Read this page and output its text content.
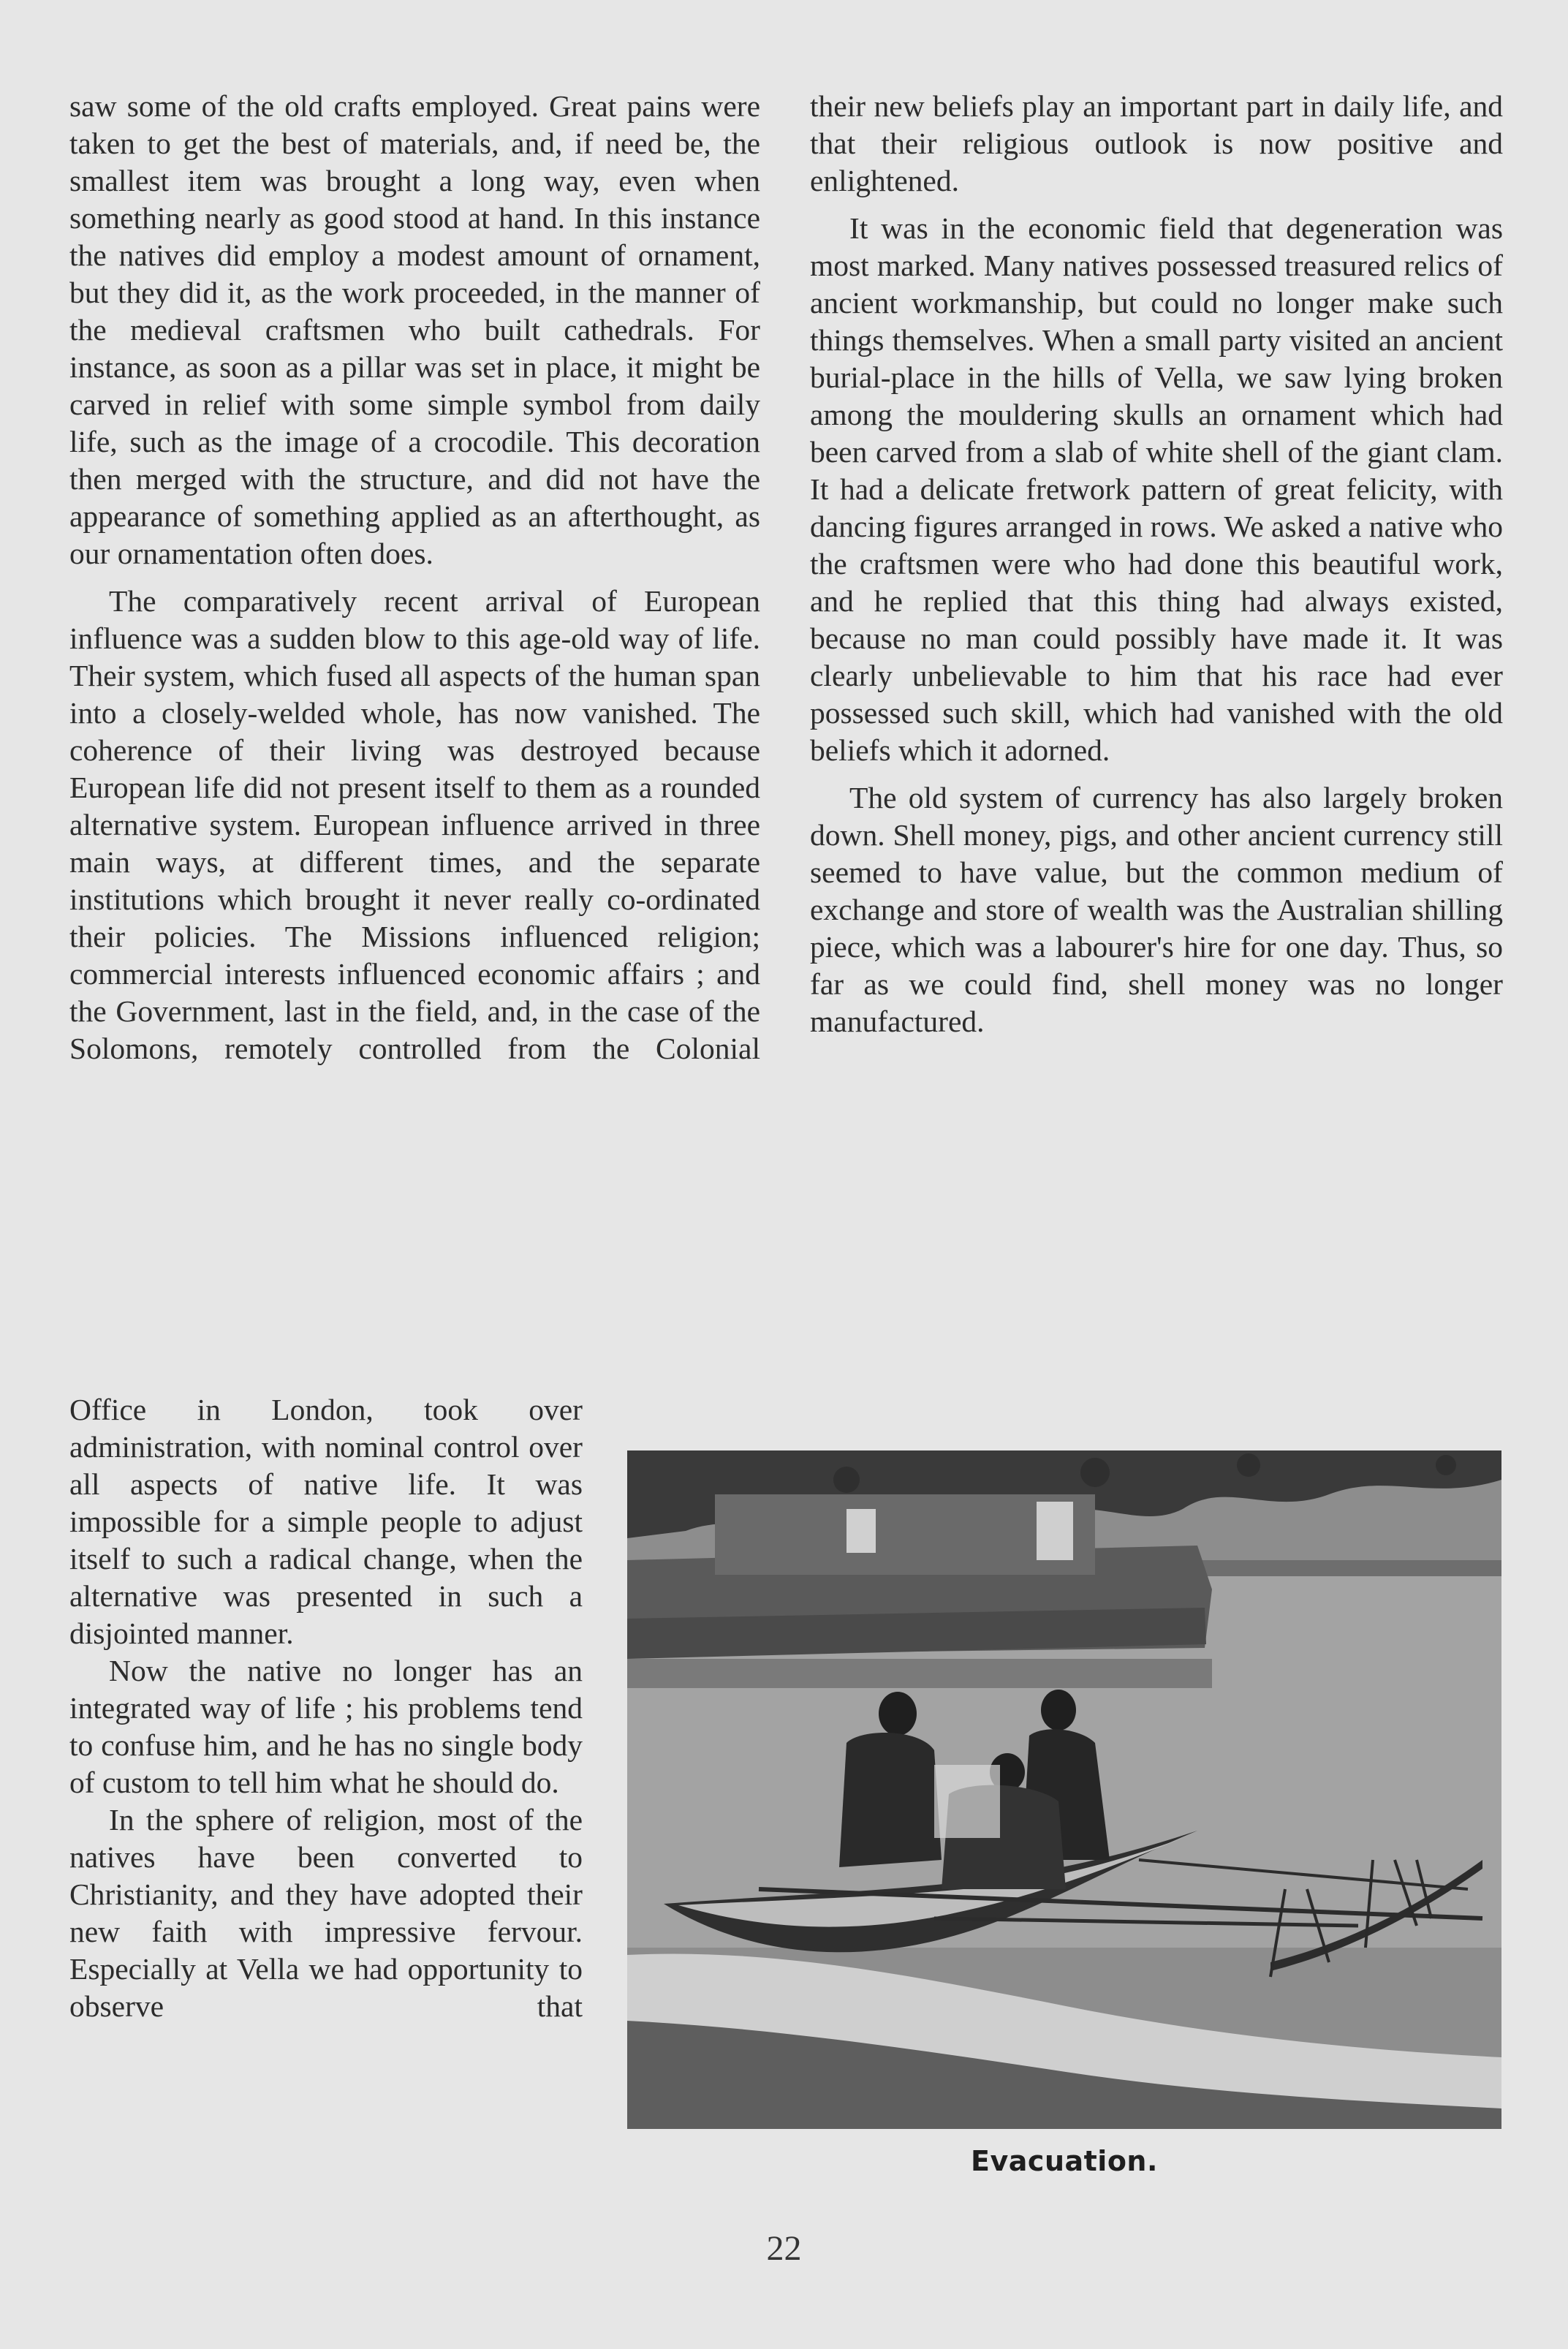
saw some of the old crafts employed. Great pains were taken to get the best of materials, and, if need be, the smallest item was brought a long way, even when something nearly as good stood at hand. In this instance the natives did employ a modest amount of ornament, but they did it, as the work proceeded, in the manner of the medieval craftsmen who built cathedrals. For instance, as soon as a pillar was set in place, it might be carved in relief with some simple symbol from daily life, such as the image of a crocodile. This decoration then merged with the structure, and did not have the appearance of something applied as an afterthought, as our ornamentation often does.

The comparatively recent arrival of European influence was a sudden blow to this age-old way of life. Their system, which fused all aspects of the human span into a closely-welded whole, has now vanished. The coherence of their living was destroyed because European life did not present itself to them as a rounded alternative system. European influence arrived in three main ways, at different times, and the separate institutions which brought it never really co-ordinated their policies. The Missions influenced religion; commercial interests influenced economic affairs ; and the Government, last in the field, and, in the case of the Solomons, remotely controlled from the Colonial

Office in London, took over administration, with nominal control over all aspects of native life. It was impossible for a simple people to adjust itself to such a radical change, when the alternative was presented in such a disjointed manner.

Now the native no longer has an integrated way of life ; his problems tend to confuse him, and he has no single body of custom to tell him what he should do.

In the sphere of religion, most of the natives have been converted to Christianity, and they have adopted their new faith with impressive fervour. Especially at Vella we had opportunity to observe that

their new beliefs play an important part in daily life, and that their religious outlook is now positive and enlightened.

It was in the economic field that degeneration was most marked. Many natives possessed treasured relics of ancient workmanship, but could no longer make such things themselves. When a small party visited an ancient burial-place in the hills of Vella, we saw lying broken among the mouldering skulls an ornament which had been carved from a slab of white shell of the giant clam. It had a delicate fretwork pattern of great felicity, with dancing figures arranged in rows. We asked a native who the craftsmen were who had done this beautiful work, and he replied that this thing had always existed, because no man could possibly have made it. It was clearly unbelievable to him that his race had ever possessed such skill, which had vanished with the old beliefs which it adorned.

The old system of currency has also largely broken down. Shell money, pigs, and other ancient currency still seemed to have value, but the common medium of exchange and store of wealth was the Australian shilling piece, which was a labourer's hire for one day. Thus, so far as we could find, shell money was no longer manufactured.

Evacuation.
22
